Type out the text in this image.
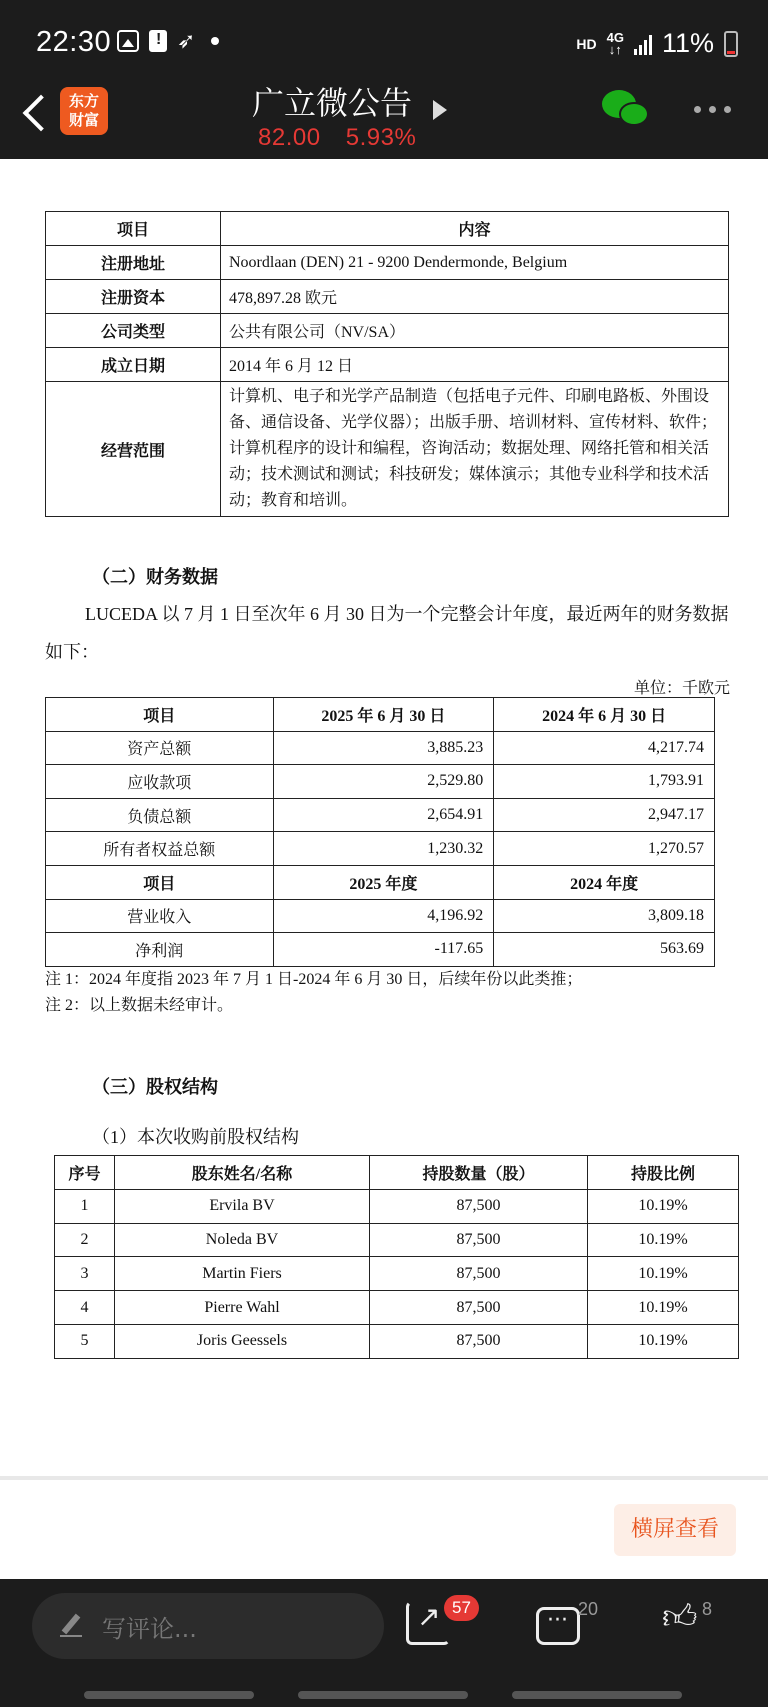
22:30 !	➶	HD 4G
↓↑ 11%
东方
财富	广立微公告
82.00 5.93%
项目	内容
注册地址	Noordlaan (DEN) 21 - 9200 Dendermonde, Belgium
注册资本	478,897.28 欧元
公司类型	公共有限公司（NV/SA）
成立日期	2014 年 6 月 12 日
经营范围	计算机、电子和光学产品制造（包括电子元件、印刷电路板、外围设备、通信设备、光学仪器）；出版手册、培训材料、宣传材料、软件；计算机程序的设计和编程，咨询活动；数据处理、网络托管和相关活动；技术测试和测试；科技研发；媒体演示；其他专业科学和技术活动；教育和培训。
（二）财务数据
LUCEDA 以 7 月 1 日至次年 6 月 30 日为一个完整会计年度，最近两年的财务数据如下：
单位：千欧元
项目	2025 年 6 月 30 日	2024 年 6 月 30 日
资产总额	3,885.23	4,217.74
应收款项	2,529.80	1,793.91
负债总额	2,654.91	2,947.17
所有者权益总额	1,230.32	1,270.57
项目	2025 年度	2024 年度
营业收入	4,196.92	3,809.18
净利润	-117.65	563.69
注 1：2024 年度指 2023 年 7 月 1 日-2024 年 6 月 30 日，后续年份以此类推；
注 2：以上数据未经审计。
（三）股权结构
（1）本次收购前股权结构
序号	股东姓名/名称	持股数量（股）	持股比例
1	Ervila BV	87,500	10.19%
2	Noleda BV	87,500	10.19%
3	Martin Fiers	87,500	10.19%
4	Pierre Wahl	87,500	10.19%
5	Joris Geessels	87,500	10.19%
横屏查看
写评论...
↗
57 ···	20 👍︎ 8
